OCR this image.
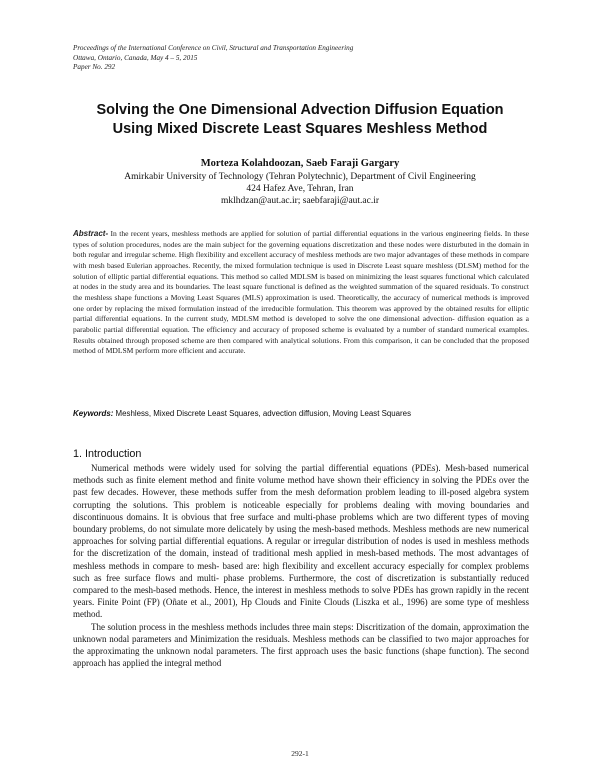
Proceedings of the International Conference on Civil, Structural and Transportation Engineering
Ottawa, Ontario, Canada, May 4 – 5, 2015
Paper No. 292
Solving the One Dimensional Advection Diffusion Equation
Using Mixed Discrete Least Squares Meshless Method
Morteza Kolahdoozan, Saeb Faraji Gargary
Amirkabir University of Technology (Tehran Polytechnic), Department of Civil Engineering
424 Hafez Ave, Tehran, Iran
mklhdzan@aut.ac.ir; saebfaraji@aut.ac.ir
Abstract- In the recent years, meshless methods are applied for solution of partial differential equations in the various engineering fields. In these types of solution procedures, nodes are the main subject for the governing equations discretization and these nodes were disturbuted in the domain in both regular and irregular scheme. High flexibility and excellent accuracy of meshless methods are two major advantages of these methods in compare with mesh based Eulerian approaches. Recently, the mixed formulation technique is used in Discrete Least square meshless (DLSM) method for the solution of elliptic partial differential equations. This method so called MDLSM is based on minimizing the least squares functional which calculated at nodes in the study area and its boundaries. The least square functional is defined as the weighted summation of the squared residuals. To construct the meshless shape functions a Moving Least Squares (MLS) approximation is used. Theoretically, the accuracy of numerical methods is improved one order by replacing the mixed formulation instead of the irreducible formulation. This theorem was approved by the obtained results for elliptic partial differential equations. In the current study, MDLSM method is developed to solve the one dimensional advection- diffusion equation as a parabolic partial differential equation. The efficiency and accuracy of proposed scheme is evaluated by a number of standard numerical examples. Results obtained through proposed scheme are then compared with analytical solutions. From this comparison, it can be concluded that the proposed method of MDLSM perform more efficient and accurate.
Keywords: Meshless, Mixed Discrete Least Squares, advection diffusion, Moving Least Squares
1. Introduction

Numerical methods were widely used for solving the partial differential equations (PDEs). Mesh-based numerical methods such as finite element method and finite volume method have shown their efficiency in solving the PDEs over the past few decades. However, these methods suffer from the mesh deformation problem leading to ill-posed algebra system corrupting the solutions. This problem is noticeable especially for problems dealing with moving boundaries and discontinuous domains. It is obvious that free surface and multi-phase problems which are two different types of moving boundary problems, do not simulate more delicately by using the mesh-based methods. Meshless methods are new numerical approaches for solving partial differential equations. A regular or irregular distribution of nodes is used in meshless methods for the discretization of the domain, instead of traditional mesh applied in mesh-based methods. The most advantages of meshless methods in compare to mesh- based are: high flexibility and excellent accuracy especially for complex problems such as free surface flows and multi- phase problems. Furthermore, the cost of discretization is substantially reduced compared to the mesh-based methods. Hence, the interest in meshless methods to solve PDEs has grown rapidly in the recent years. Finite Point (FP) (Oñate et al., 2001), Hp Clouds and Finite Clouds (Liszka et al., 1996) are some type of meshless method.

The solution process in the meshless methods includes three main steps: Discritization of the domain, approximation the unknown nodal parameters and Minimization the residuals. Meshless methods can be classified to two major approaches for the approximating the unknown nodal parameters. The first approach uses the basic functions (shape function). The second approach has applied the integral method

292-1
